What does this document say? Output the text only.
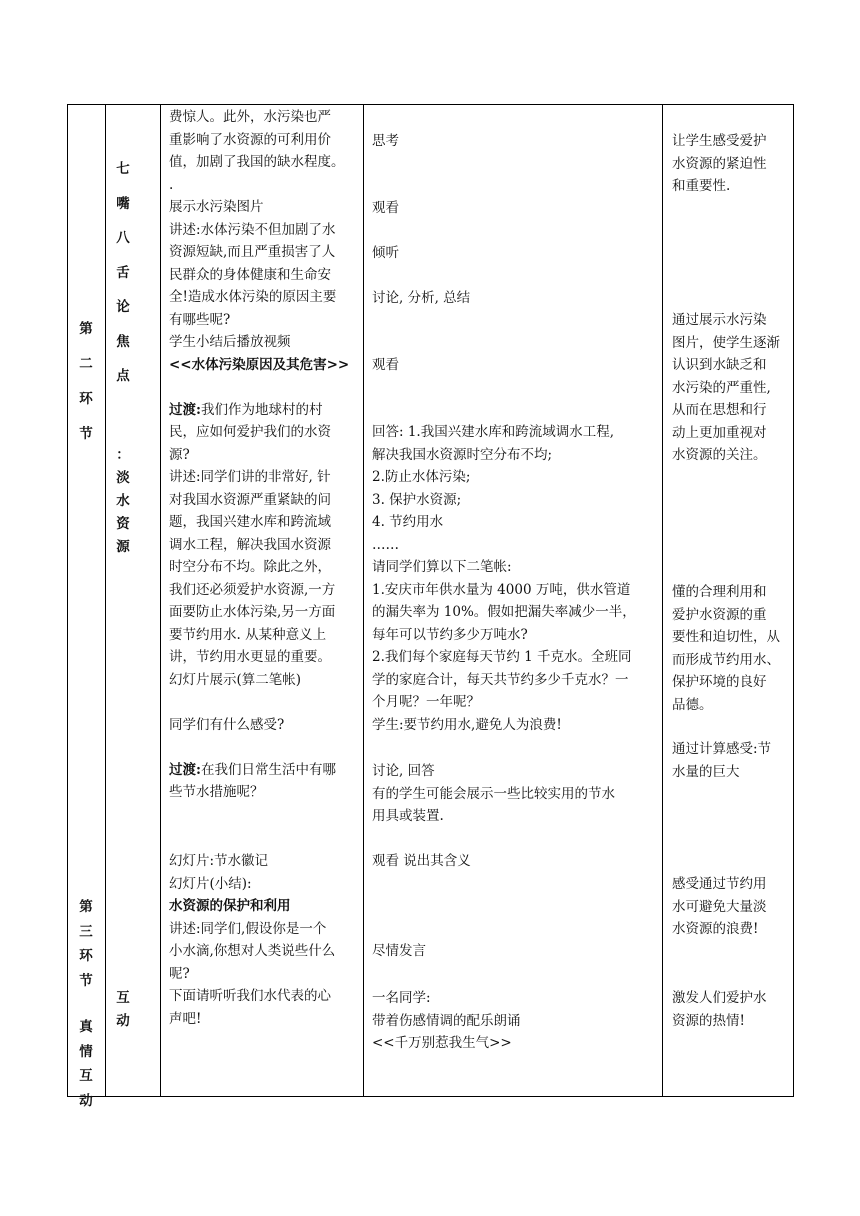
第
二
环
节
第
三
环
节
真
情
互
动
七
嘴
八
舌
论
焦
点
：
淡
水
资
源
互
动
费惊人。此外，水污染也严
重影响了水资源的可利用价
值，加剧了我国的缺水程度。
.
展示水污染图片
讲述:水体污染不但加剧了水
资源短缺,而且严重损害了人
民群众的身体健康和生命安
全!造成水体污染的原因主要
有哪些呢?
学生小结后播放视频
<<水体污染原因及其危害>>

过渡:我们作为地球村的村
民，应如何爱护我们的水资
源?
讲述:同学们讲的非常好, 针
对我国水资源严重紧缺的问
题，我国兴建水库和跨流域
调水工程，解决我国水资源
时空分布不均。除此之外，
我们还必须爱护水资源,一方
面要防止水体污染,另一方面
要节约用水. 从某种意义上
讲，节约用水更显的重要。
幻灯片展示(算二笔帐)

同学们有什么感受?

过渡:在我们日常生活中有哪
些节水措施呢？
幻灯片:节水徽记
幻灯片(小结):
水资源的保护和利用
讲述:同学们,假设你是一个
小水滴,你想对人类说些什么
呢?
下面请听听我们水代表的心
声吧!
思考
观看
倾听
讨论, 分析, 总结
观看
回答: 1.我国兴建水库和跨流域调水工程,
解决我国水资源时空分布不均;
2.防止水体污染;
3. 保护水资源;
4. 节约用水
……
请同学们算以下二笔帐:
1.安庆市年供水量为 4000 万吨，供水管道
的漏失率为 10%。假如把漏失率减少一半，
每年可以节约多少万吨水?
2.我们每个家庭每天节约 1 千克水。全班同
学的家庭合计，每天共节约多少千克水？一
个月呢？一年呢？
学生:要节约用水,避免人为浪费!
讨论, 回答
有的学生可能会展示一些比较实用的节水
用具或装置.
观看 说出其含义
尽情发言
一名同学:
带着伤感情调的配乐朗诵
<<千万别惹我生气>>
让学生感受爱护
水资源的紧迫性
和重要性.
通过展示水污染
图片，使学生逐渐
认识到水缺乏和
水污染的严重性,
从而在思想和行
动上更加重视对
水资源的关注。
懂的合理利用和
爱护水资源的重
要性和迫切性，从
而形成节约用水、
保护环境的良好
品德。
通过计算感受:节
水量的巨大
感受通过节约用
水可避免大量淡
水资源的浪费!
激发人们爱护水
资源的热情!
